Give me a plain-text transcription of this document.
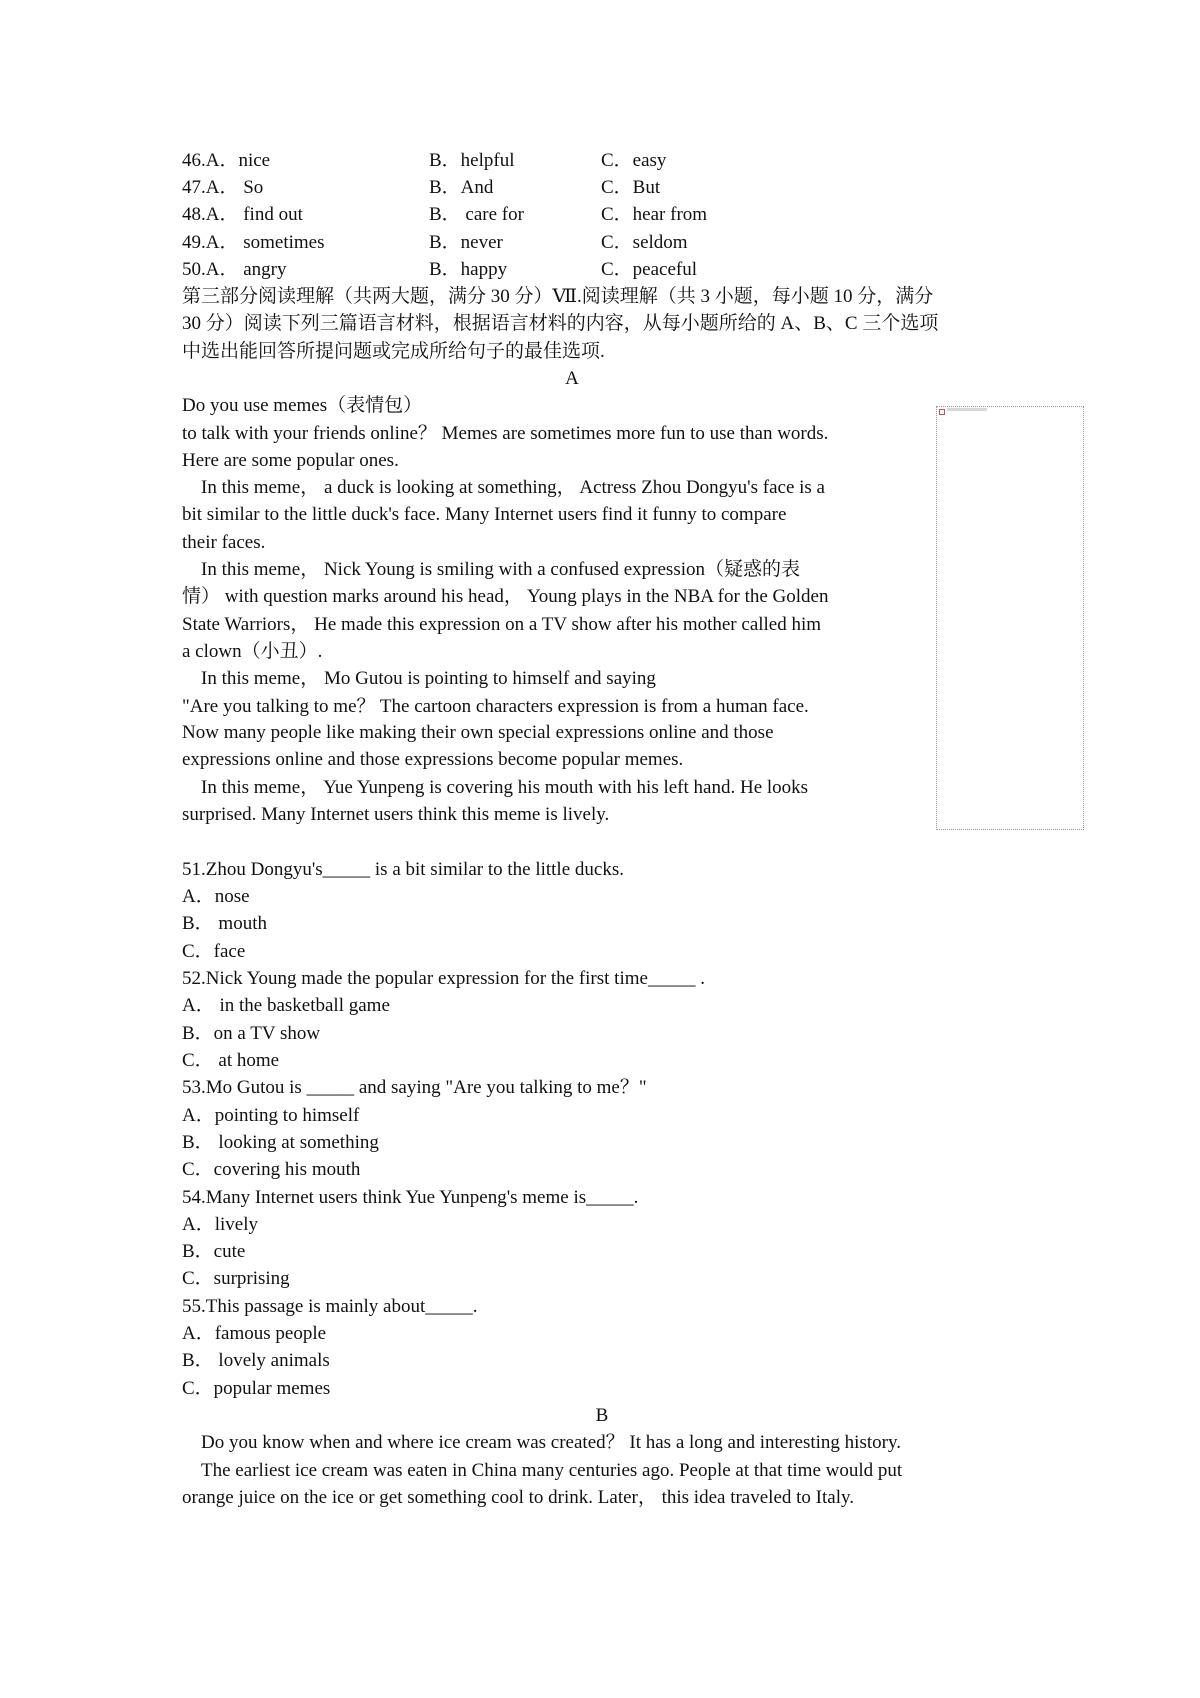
46.A．nice	B．helpful	C．easy
47.A． So	B．And	C．But
48.A． find out	B． care for	C．hear from
49.A． sometimes	B．never	C．seldom
50.A． angry	B．happy	C．peaceful
第三部分阅读理解（共两大题，满分 30 分）Ⅶ.阅读理解（共 3 小题，每小题 10 分，满分
30 分）阅读下列三篇语言材料，根据语言材料的内容，从每小题所给的 A、B、C 三个选项
中选出能回答所提问题或完成所给句子的最佳选项.
A
Do you use memes（表情包）
to talk with your friends online？ Memes are sometimes more fun to use than words.
Here are some popular ones.
　In this meme， a duck is looking at something， Actress Zhou Dongyu's face is a
bit similar to the little duck's face. Many Internet users find it funny to compare
their faces.
　In this meme， Nick Young is smiling with a confused expression（疑惑的表
情） with question marks around his head， Young plays in the NBA for the Golden
State Warriors， He made this expression on a TV show after his mother called him
a clown（小丑）.
　In this meme， Mo Gutou is pointing to himself and saying
"Are you talking to me？ The cartoon characters expression is from a human face.
Now many people like making their own special expressions online and those
expressions online and those expressions become popular memes.
　In this meme， Yue Yunpeng is covering his mouth with his left hand. He looks
surprised. Many Internet users think this meme is lively.
51.Zhou Dongyu's_____ is a bit similar to the little ducks.
A．nose
B． mouth
C．face
52.Nick Young made the popular expression for the first time_____ .
A． in the basketball game
B．on a TV show
C． at home
53.Mo Gutou is _____ and saying "Are you talking to me？"
A．pointing to himself
B． looking at something
C．covering his mouth
54.Many Internet users think Yue Yunpeng's meme is_____.
A．lively
B．cute
C．surprising
55.This passage is mainly about_____.
A．famous people
B． lovely animals
C．popular memes
B
　Do you know when and where ice cream was created？ It has a long and interesting history.
　The earliest ice cream was eaten in China many centuries ago. People at that time would put
orange juice on the ice or get something cool to drink. Later， this idea traveled to Italy.
